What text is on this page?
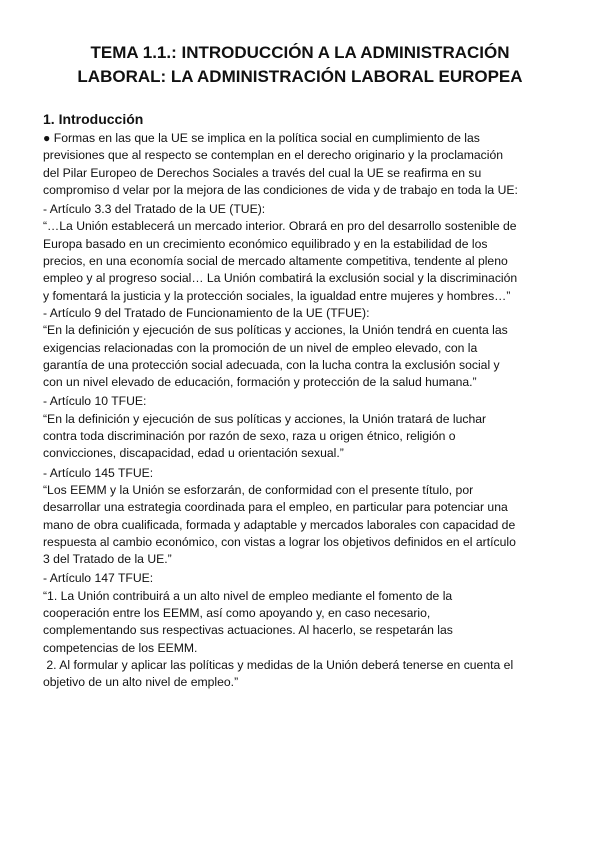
TEMA 1.1.: INTRODUCCIÓN A LA ADMINISTRACIÓN
LABORAL: LA ADMINISTRACIÓN LABORAL EUROPEA
1. Introducción
● Formas en las que la UE se implica en la política social en cumplimiento de las
previsiones que al respecto se contemplan en el derecho originario y la proclamación
del Pilar Europeo de Derechos Sociales a través del cual la UE se reafirma en su
compromiso d velar por la mejora de las condiciones de vida y de trabajo en toda la UE:
- Artículo 3.3 del Tratado de la UE (TUE):
“…La Unión establecerá un mercado interior. Obrará en pro del desarrollo sostenible de
Europa basado en un crecimiento económico equilibrado y en la estabilidad de los
precios, en una economía social de mercado altamente competitiva, tendente al pleno
empleo y al progreso social… La Unión combatirá la exclusión social y la discriminación
y fomentará la justicia y la protección sociales, la igualdad entre mujeres y hombres…”
- Artículo 9 del Tratado de Funcionamiento de la UE (TFUE):
“En la definición y ejecución de sus políticas y acciones, la Unión tendrá en cuenta las
exigencias relacionadas con la promoción de un nivel de empleo elevado, con la
garantía de una protección social adecuada, con la lucha contra la exclusión social y
con un nivel elevado de educación, formación y protección de la salud humana.”
- Artículo 10 TFUE:
“En la definición y ejecución de sus políticas y acciones, la Unión tratará de luchar
contra toda discriminación por razón de sexo, raza u origen étnico, religión o
convicciones, discapacidad, edad u orientación sexual.”
- Artículo 145 TFUE:
“Los EEMM y la Unión se esforzarán, de conformidad con el presente título, por
desarrollar una estrategia coordinada para el empleo, en particular para potenciar una
mano de obra cualificada, formada y adaptable y mercados laborales con capacidad de
respuesta al cambio económico, con vistas a lograr los objetivos definidos en el artículo
3 del Tratado de la UE.”
- Artículo 147 TFUE:
“1. La Unión contribuirá a un alto nivel de empleo mediante el fomento de la
cooperación entre los EEMM, así como apoyando y, en caso necesario,
complementando sus respectivas actuaciones. Al hacerlo, se respetarán las
competencias de los EEMM.
2. Al formular y aplicar las políticas y medidas de la Unión deberá tenerse en cuenta el
objetivo de un alto nivel de empleo.”
